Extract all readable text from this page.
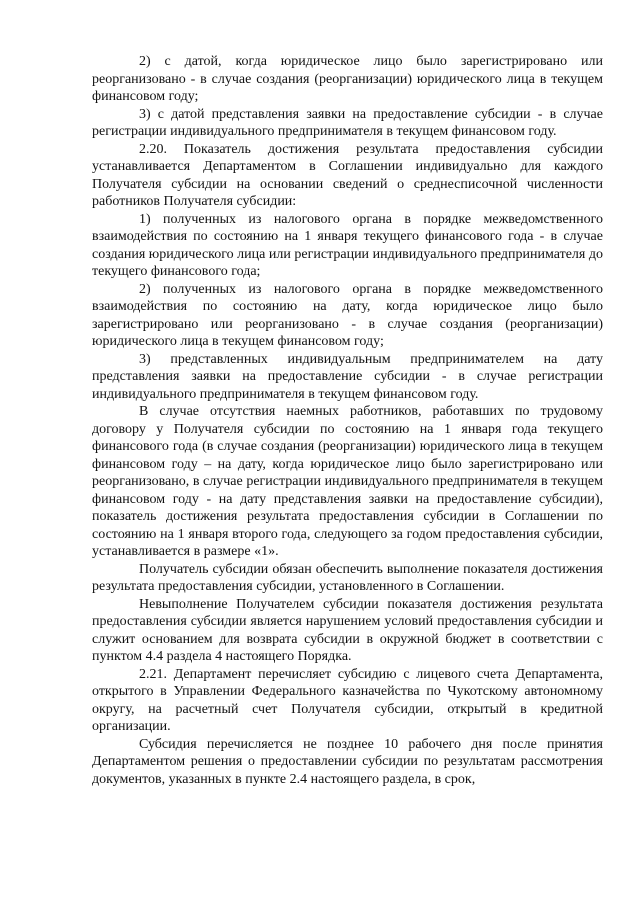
2) с датой, когда юридическое лицо было зарегистрировано или реорганизовано - в случае создания (реорганизации) юридического лица в текущем финансовом году;

3) с датой представления заявки на предоставление субсидии - в случае регистрации индивидуального предпринимателя в текущем финансовом году.

2.20. Показатель достижения результата предоставления субсидии устанавливается Департаментом в Соглашении индивидуально для каждого Получателя субсидии на основании сведений о среднесписочной численности работников Получателя субсидии:

1) полученных из налогового органа в порядке межведомственного взаимодействия по состоянию на 1 января текущего финансового года - в случае создания юридического лица или регистрации индивидуального предпринимателя до текущего финансового года;

2) полученных из налогового органа в порядке межведомственного взаимодействия по состоянию на дату, когда юридическое лицо было зарегистрировано или реорганизовано - в случае создания (реорганизации) юридического лица в текущем финансовом году;

3) представленных индивидуальным предпринимателем на дату представления заявки на предоставление субсидии - в случае регистрации индивидуального предпринимателя в текущем финансовом году.

В случае отсутствия наемных работников, работавших по трудовому договору у Получателя субсидии по состоянию на 1 января года текущего финансового года (в случае создания (реорганизации) юридического лица в текущем финансовом году – на дату, когда юридическое лицо было зарегистрировано или реорганизовано, в случае регистрации индивидуального предпринимателя в текущем финансовом году - на дату представления заявки на предоставление субсидии), показатель достижения результата предоставления субсидии в Соглашении по состоянию на 1 января второго года, следующего за годом предоставления субсидии, устанавливается в размере «1».

Получатель субсидии обязан обеспечить выполнение показателя достижения результата предоставления субсидии, установленного в Соглашении.

Невыполнение Получателем субсидии показателя достижения результата предоставления субсидии является нарушением условий предоставления субсидии и служит основанием для возврата субсидии в окружной бюджет в соответствии с пунктом 4.4 раздела 4 настоящего Порядка.

2.21. Департамент перечисляет субсидию с лицевого счета Департамента, открытого в Управлении Федерального казначейства по Чукотскому автономному округу, на расчетный счет Получателя субсидии, открытый в кредитной организации.

Субсидия перечисляется не позднее 10 рабочего дня после принятия Департаментом решения о предоставлении субсидии по результатам рассмотрения документов, указанных в пункте 2.4 настоящего раздела, в срок,
